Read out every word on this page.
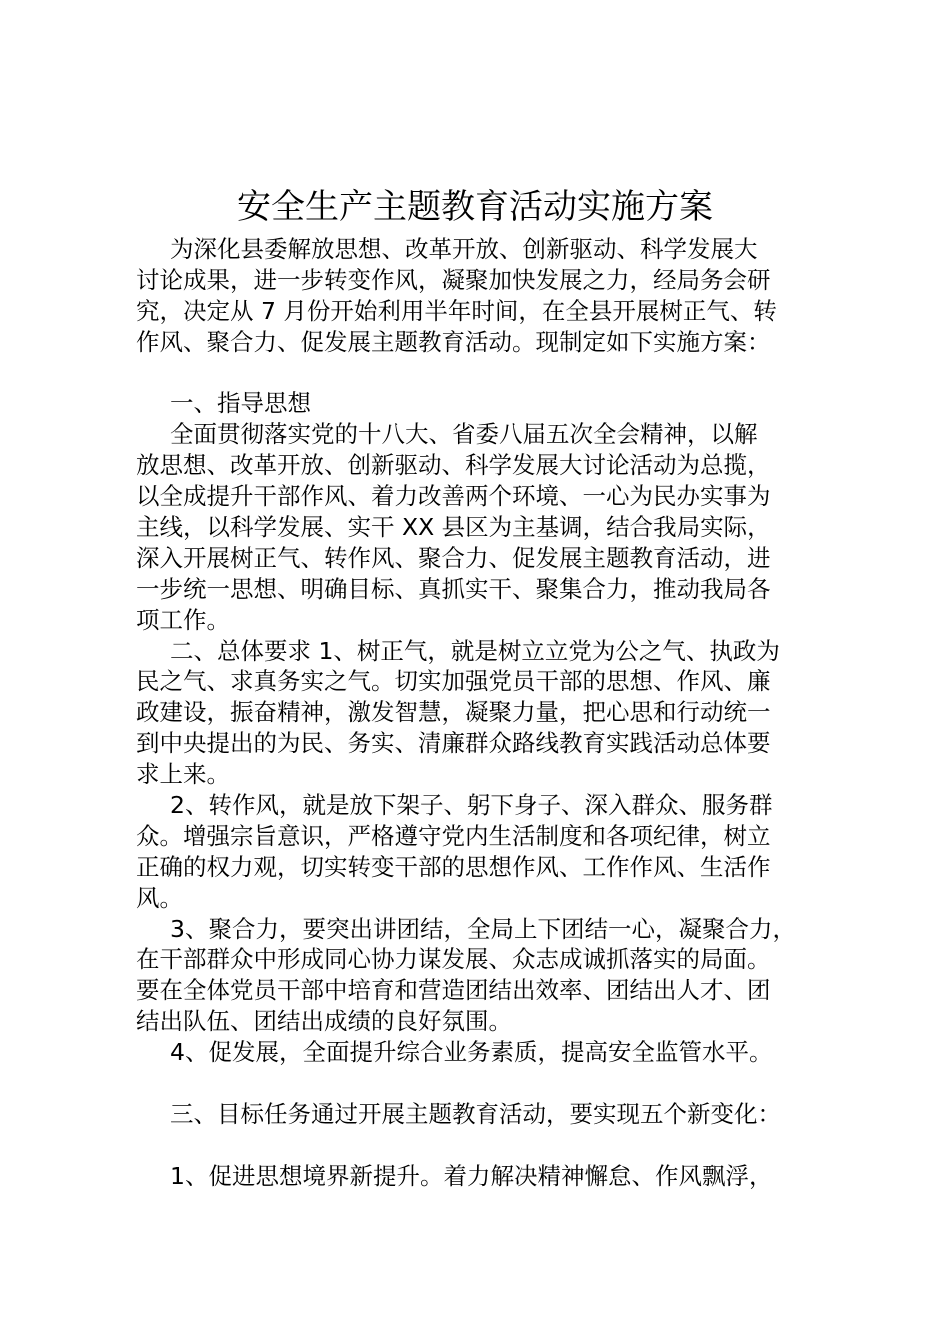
安全生产主题教育活动实施方案
为深化县委解放思想、改革开放、创新驱动、科学发展大
讨论成果，进一步转变作风，凝聚加快发展之力，经局务会研
究，决定从 7 月份开始利用半年时间，在全县开展树正气、转
作风、聚合力、促发展主题教育活动。现制定如下实施方案：
一、指导思想
全面贯彻落实党的十八大、省委八届五次全会精神，以解
放思想、改革开放、创新驱动、科学发展大讨论活动为总揽，
以全成提升干部作风、着力改善两个环境、一心为民办实事为
主线，以科学发展、实干 XX 县区为主基调，结合我局实际，
深入开展树正气、转作风、聚合力、促发展主题教育活动，进
一步统一思想、明确目标、真抓实干、聚集合力，推动我局各
项工作。
二、总体要求 1、树正气，就是树立立党为公之气、执政为
民之气、求真务实之气。切实加强党员干部的思想、作风、廉
政建设，振奋精神，激发智慧，凝聚力量，把心思和行动统一
到中央提出的为民、务实、清廉群众路线教育实践活动总体要
求上来。
2、转作风，就是放下架子、躬下身子、深入群众、服务群
众。增强宗旨意识，严格遵守党内生活制度和各项纪律，树立
正确的权力观，切实转变干部的思想作风、工作作风、生活作
风。
3、聚合力，要突出讲团结，全局上下团结一心，凝聚合力，
在干部群众中形成同心协力谋发展、众志成诚抓落实的局面。
要在全体党员干部中培育和营造团结出效率、团结出人才、团
结出队伍、团结出成绩的良好氛围。
4、促发展，全面提升综合业务素质，提高安全监管水平。
三、目标任务通过开展主题教育活动，要实现五个新变化：
1、促进思想境界新提升。着力解决精神懈怠、作风飘浮，
